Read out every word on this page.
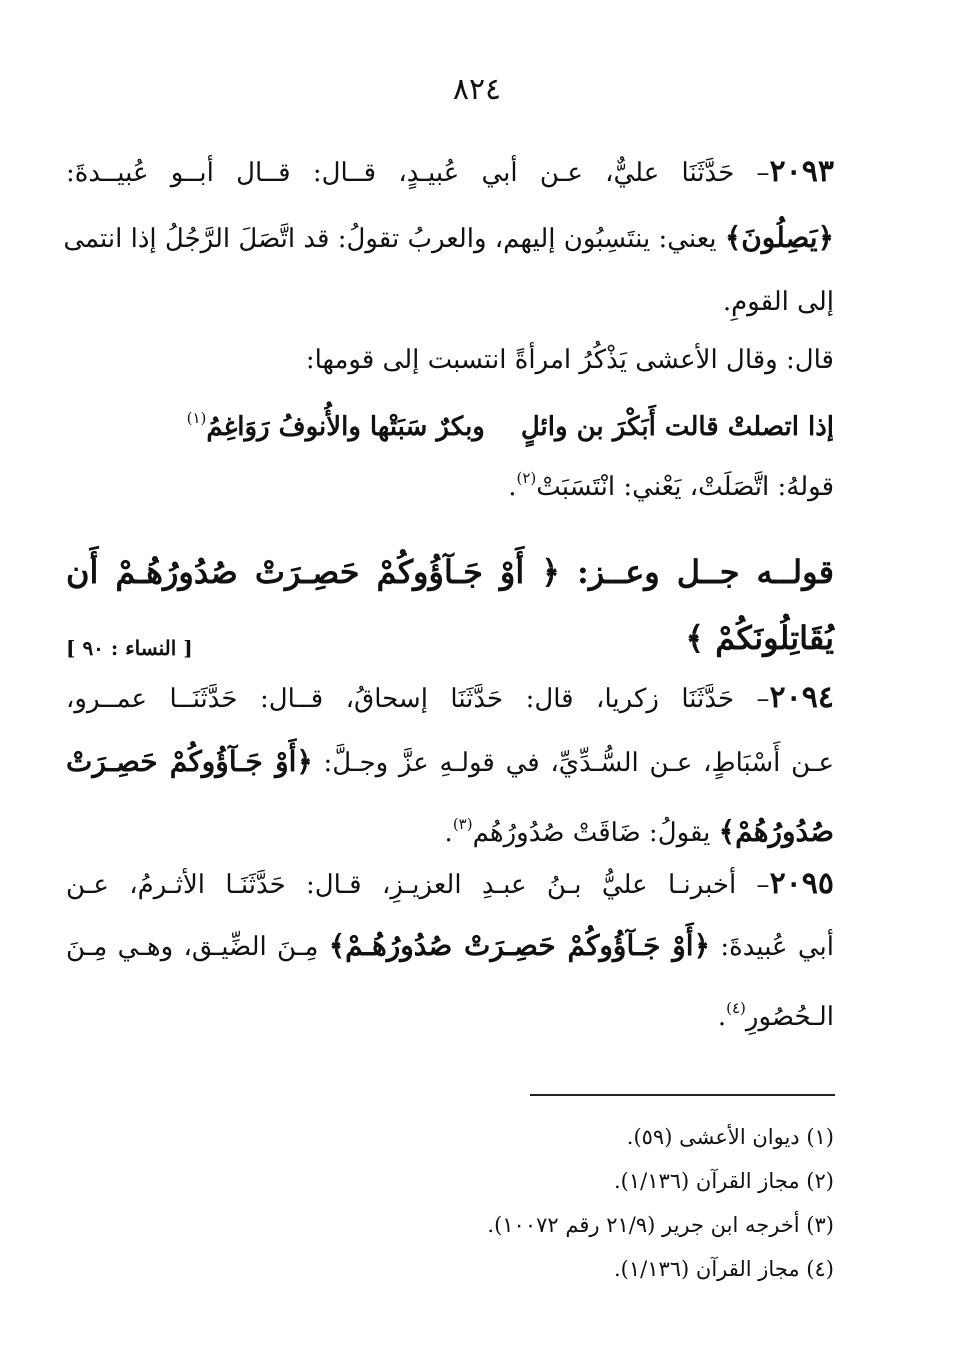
٨٢٤
٢٠٩٣– حَدَّثَنَا عليٌّ، عـن أبي عُبيـدٍ، قــال: قــال أبــو عُبيــدةَ:
﴿يَصِلُونَ﴾ يعني: ينتَسِبُون إليهم، والعربُ تقولُ: قد اتَّصَلَ الرَّجُلُ إذا انتمى
إلى القومِ.
قال: وقال الأعشى يَذْكُرُ امرأةً انتسبت إلى قومها:
إذا اتصلتْ قالت أَبَكْرَ بن وائلٍوبكرٌ سَبَتْها والأُنوفُ رَوَاغِمُ$^{(١)}$
قولهُ: اتَّصَلَتْ، يَعْني: انْتَسَبَتْ$^{(٢)}$.
قولــه جــل وعــز: ﴿ أَوْ جَـآؤُوكُمْ حَصِـرَتْ صُدُورُهُـمْ أَن
يُقَاتِلُونَكُمْ ﴾
[ النساء : ٩٠ ]
٢٠٩٤– حَدَّثَنَا زكريا، قال: حَدَّثَنَا إسحاقُ، قــال: حَدَّثَنَــا عمــرو،
عـن أَسْبَاطٍ، عـن السُّـدِّيِّ، في قولـهِ عزَّ وجـلَّ: ﴿أَوْ جَـآؤُوكُمْ حَصِـرَتْ
صُدُورُهُمْ﴾ يقولُ: ضَاقَتْ صُدُورُهُم$^{(٣)}$.
٢٠٩٥– أخبرنـا عليُّ بـنُ عبـدِ العزيـزِ، قـال: حَدَّثَنَـا الأثـرمُ، عـن
أبي عُبيدةَ: ﴿أَوْ جَـآؤُوكُمْ حَصِـرَتْ صُدُورُهُـمْ﴾ مِـنَ الضِّيـق، وهـي مِـنَ
الـحُصُورِ$^{(٤)}$.
(١) ديوان الأعشى (٥٩).
(٢) مجاز القرآن (١/١٣٦).
(٣) أخرجه ابن جرير (٢١/٩ رقم ١٠٠٧٢).
(٤) مجاز القرآن (١/١٣٦).
